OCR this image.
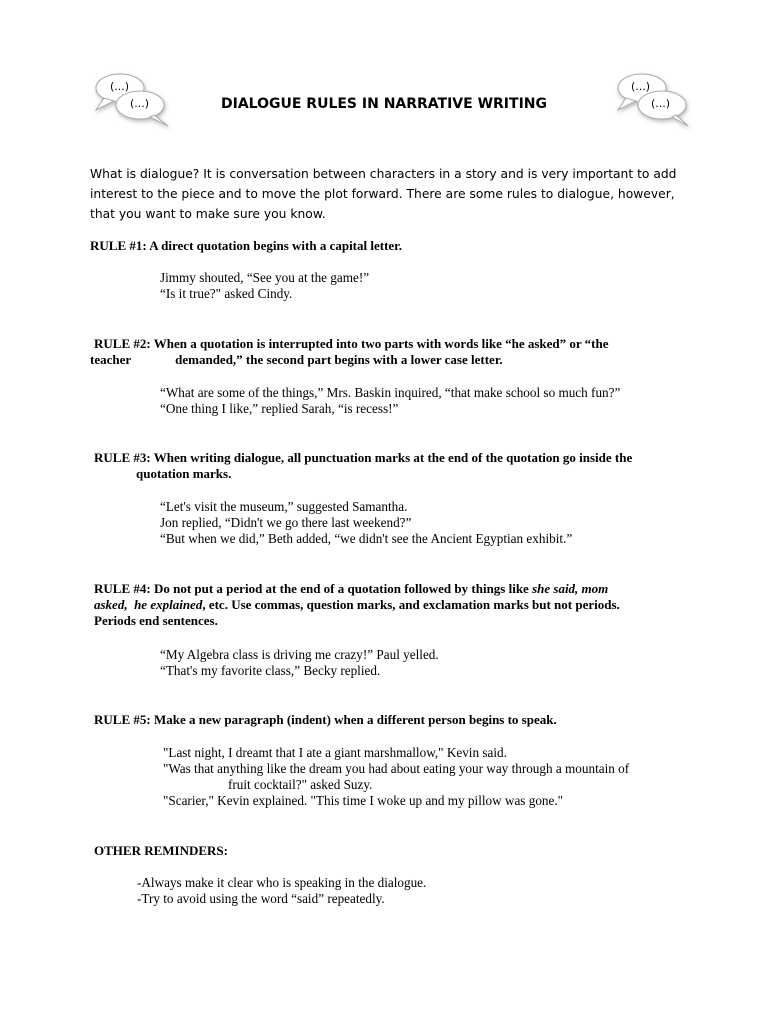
(...)
(...)
(...)
(...)
DIALOGUE RULES IN NARRATIVE WRITING
What is dialogue? It is conversation between characters in a story and is very important to add interest to the piece and to move the plot forward. There are some rules to dialogue, however, that you want to make sure you know.
RULE #1: A direct quotation begins with a capital letter.
Jimmy shouted, “See you at the game!”
“Is it true?" asked Cindy.
RULE #2: When a quotation is interrupted into two parts with words like “he asked” or “the
teacher	demanded,” the second part begins with a lower case letter.
“What are some of the things,” Mrs. Baskin inquired, “that make school so much fun?”
“One thing I like,” replied Sarah, “is recess!”
RULE #3: When writing dialogue, all punctuation marks at the end of the quotation go inside the
quotation marks.
“Let's visit the museum,” suggested Samantha.
Jon replied, “Didn't we go there last weekend?”
“But when we did,” Beth added, “we didn't see the Ancient Egyptian exhibit.”
RULE #4: Do not put a period at the end of a quotation followed by things like she said, mom
asked,  he explained, etc. Use commas, question marks, and exclamation marks but not periods.
Periods end sentences.
“My Algebra class is driving me crazy!” Paul yelled.
“That's my favorite class,” Becky replied.
RULE #5: Make a new paragraph (indent) when a different person begins to speak.
"Last night, I dreamt that I ate a giant marshmallow," Kevin said.
"Was that anything like the dream you had about eating your way through a mountain of
fruit cocktail?" asked Suzy.
"Scarier," Kevin explained. "This time I woke up and my pillow was gone."
OTHER REMINDERS:
-Always make it clear who is speaking in the dialogue.
-Try to avoid using the word “said” repeatedly.
